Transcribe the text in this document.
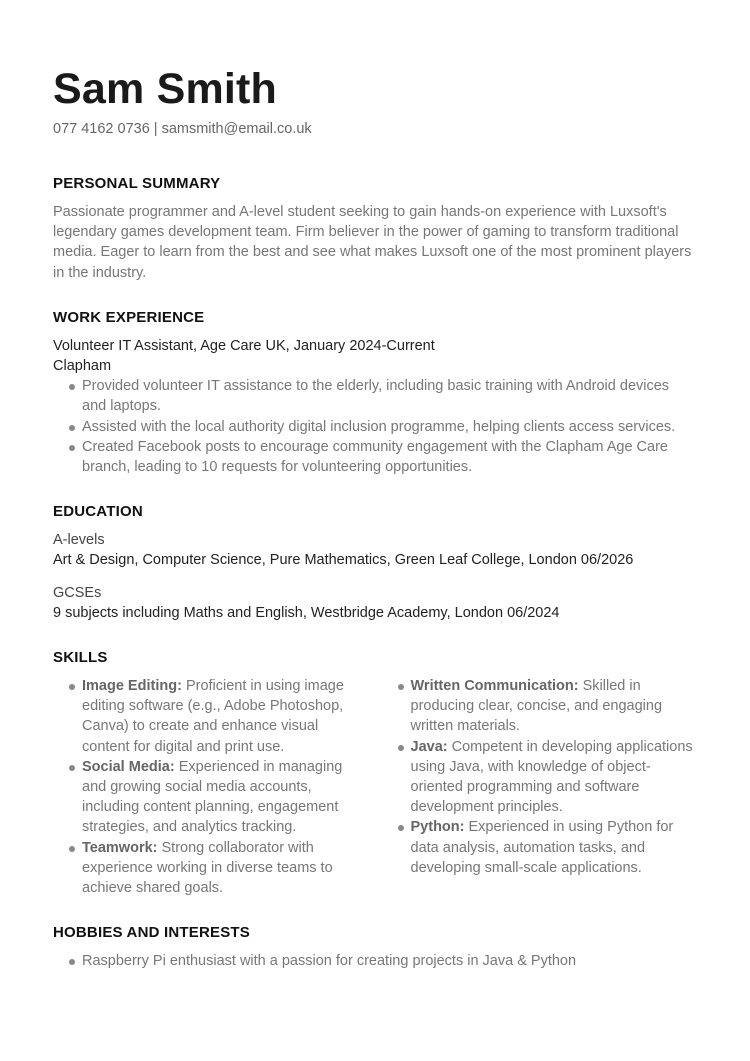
Sam Smith
077 4162 0736 | samsmith@email.co.uk
PERSONAL SUMMARY

Passionate programmer and A-level student seeking to gain hands-on experience with Luxsoft's legendary games development team. Firm believer in the power of gaming to transform traditional media. Eager to learn from the best and see what makes Luxsoft one of the most prominent players in the industry.

WORK EXPERIENCE
Volunteer IT Assistant, Age Care UK, January 2024-Current
Clapham
Provided volunteer IT assistance to the elderly, including basic training with Android devices and laptops.
Assisted with the local authority digital inclusion programme, helping clients access services.
Created Facebook posts to encourage community engagement with the Clapham Age Care branch, leading to 10 requests for volunteering opportunities.
EDUCATION
A-levels
Art & Design, Computer Science, Pure Mathematics, Green Leaf College, London 06/2026
GCSEs
9 subjects including Maths and English, Westbridge Academy, London 06/2024
SKILLS
Image Editing: Proficient in using image editing software (e.g., Adobe Photoshop, Canva) to create and enhance visual content for digital and print use.
Social Media: Experienced in managing and growing social media accounts, including content planning, engagement strategies, and analytics tracking.
Teamwork: Strong collaborator with experience working in diverse teams to achieve shared goals.
Written Communication: Skilled in producing clear, concise, and engaging written materials.
Java: Competent in developing applications using Java, with knowledge of object-oriented programming and software development principles.
Python: Experienced in using Python for data analysis, automation tasks, and developing small-scale applications.
HOBBIES AND INTERESTS
Raspberry Pi enthusiast with a passion for creating projects in Java & Python
